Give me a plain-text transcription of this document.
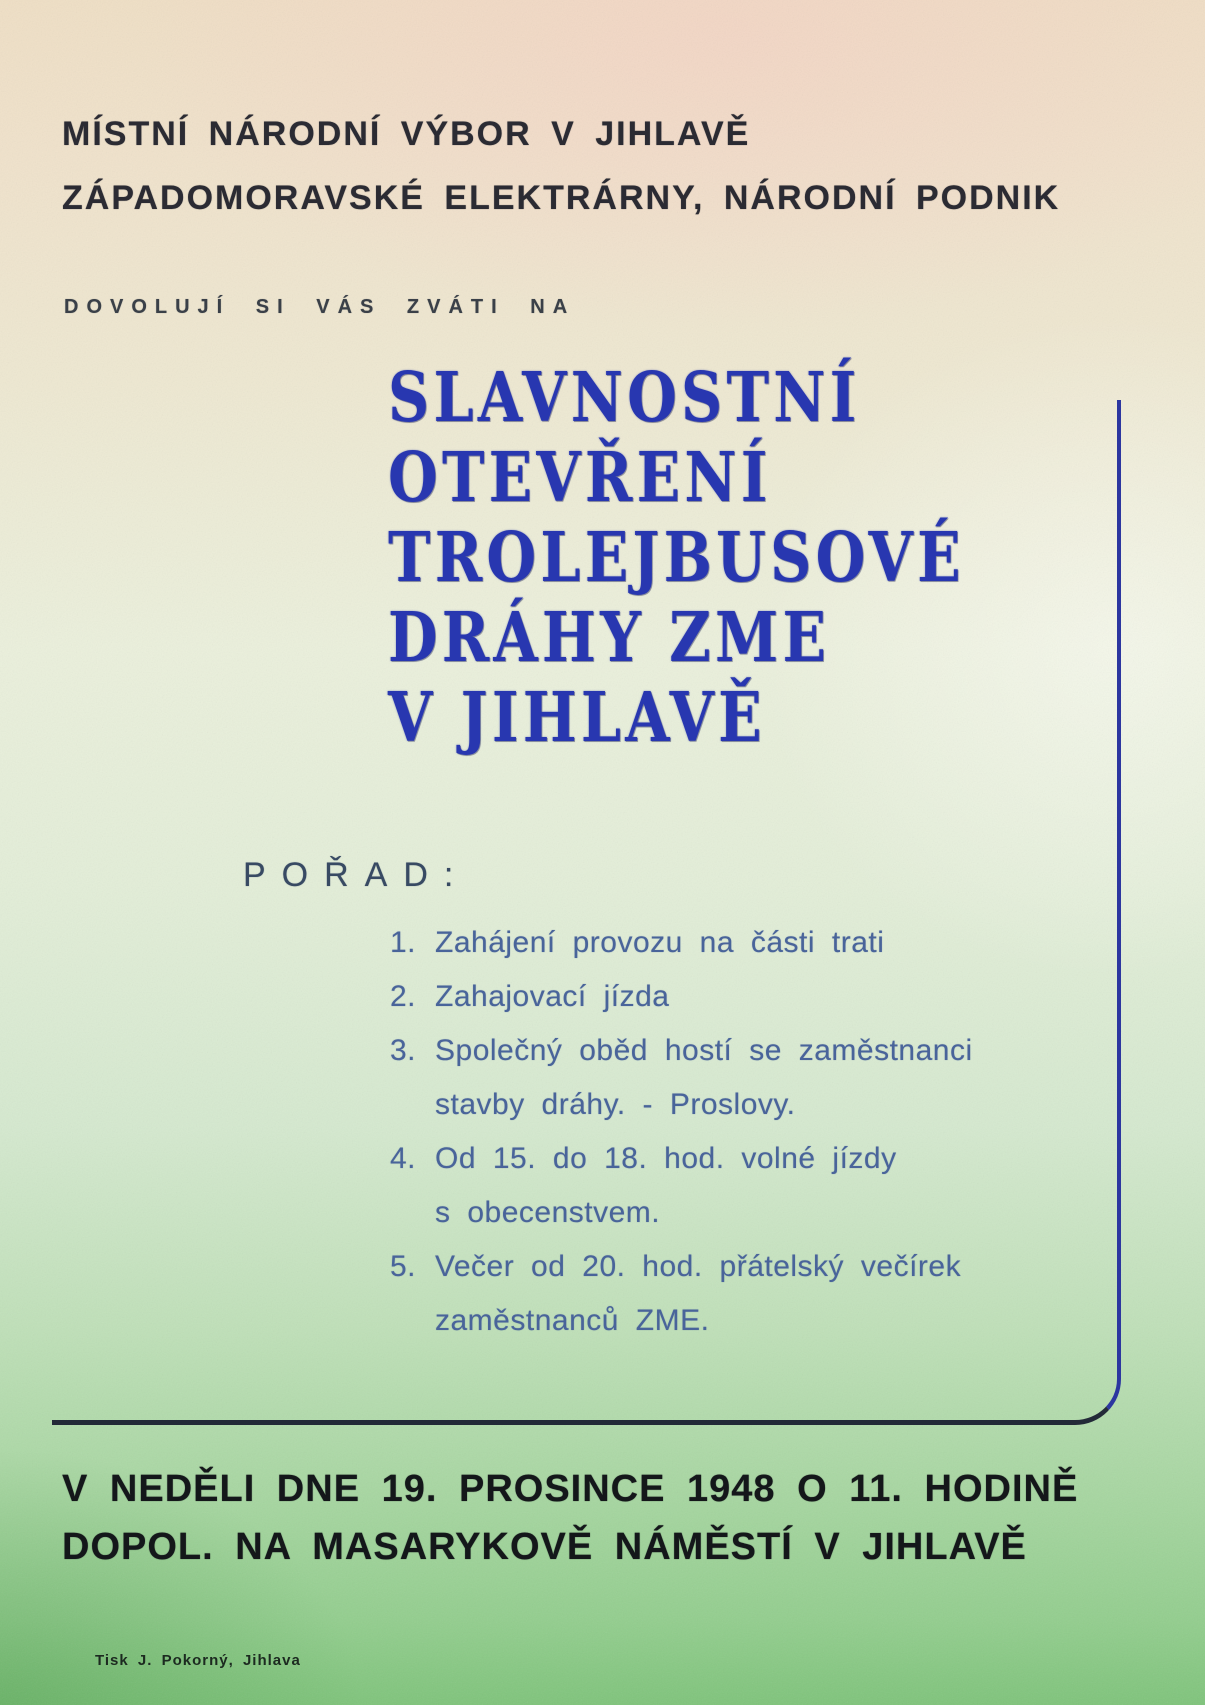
MÍSTNÍ NÁRODNÍ VÝBOR V JIHLAVĚ
ZÁPADOMORAVSKÉ ELEKTRÁRNY, NÁRODNÍ PODNIK
DOVOLUJÍ SI VÁS ZVÁTI NA
SLAVNOSTNÍ
OTEVŘENÍ
TROLEJBUSOVÉ
DRÁHY ZME
V JIHLAVĚ
POŘAD:
1. Zahájení provozu na části trati
2. Zahajovací jízda
3. Společný oběd hostí se zaměstnanci
stavby dráhy. - Proslovy.
4. Od 15. do 18. hod. volné jízdy
s obecenstvem.
5. Večer od 20. hod. přátelský večírek
zaměstnanců ZME.
V NEDĚLI DNE 19. PROSINCE 1948 O 11. HODINĚ
DOPOL. NA MASARYKOVĚ NÁMĚSTÍ V JIHLAVĚ
Tisk J. Pokorný, Jihlava
